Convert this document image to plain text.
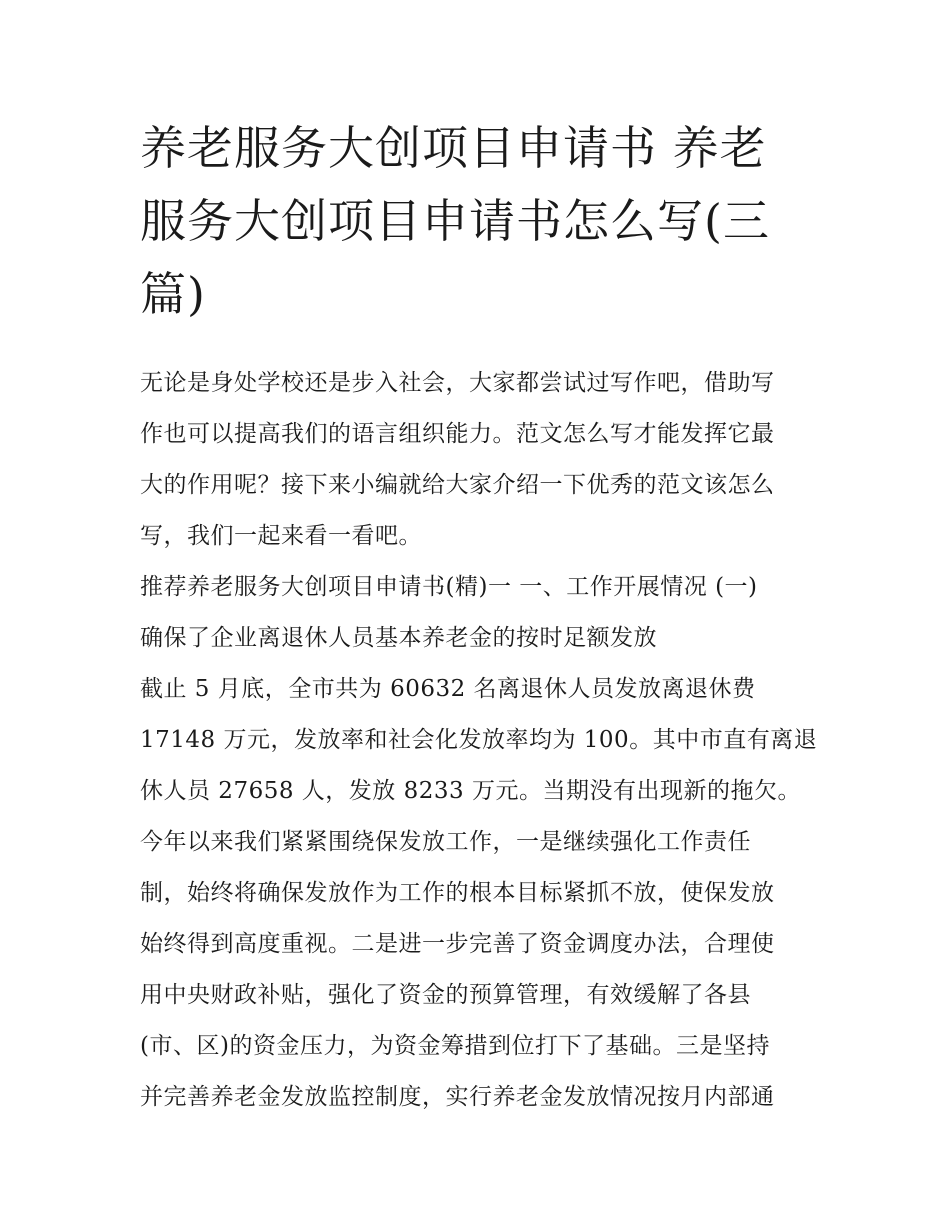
养老服务大创项目申请书 养老
服务大创项目申请书怎么写(三
篇)
无论是身处学校还是步入社会，大家都尝试过写作吧，借助写
作也可以提高我们的语言组织能力。范文怎么写才能发挥它最
大的作用呢？接下来小编就给大家介绍一下优秀的范文该怎么
写，我们一起来看一看吧。
推荐养老服务大创项目申请书(精)一 一、工作开展情况 (一)
确保了企业离退休人员基本养老金的按时足额发放
截止 5 月底，全市共为 60632 名离退休人员发放离退休费
17148 万元，发放率和社会化发放率均为 100。其中市直有离退
休人员 27658 人，发放 8233 万元。当期没有出现新的拖欠。
今年以来我们紧紧围绕保发放工作，一是继续强化工作责任
制，始终将确保发放作为工作的根本目标紧抓不放，使保发放
始终得到高度重视。二是进一步完善了资金调度办法，合理使
用中央财政补贴，强化了资金的预算管理，有效缓解了各县
(市、区)的资金压力，为资金筹措到位打下了基础。三是坚持
并完善养老金发放监控制度，实行养老金发放情况按月内部通
